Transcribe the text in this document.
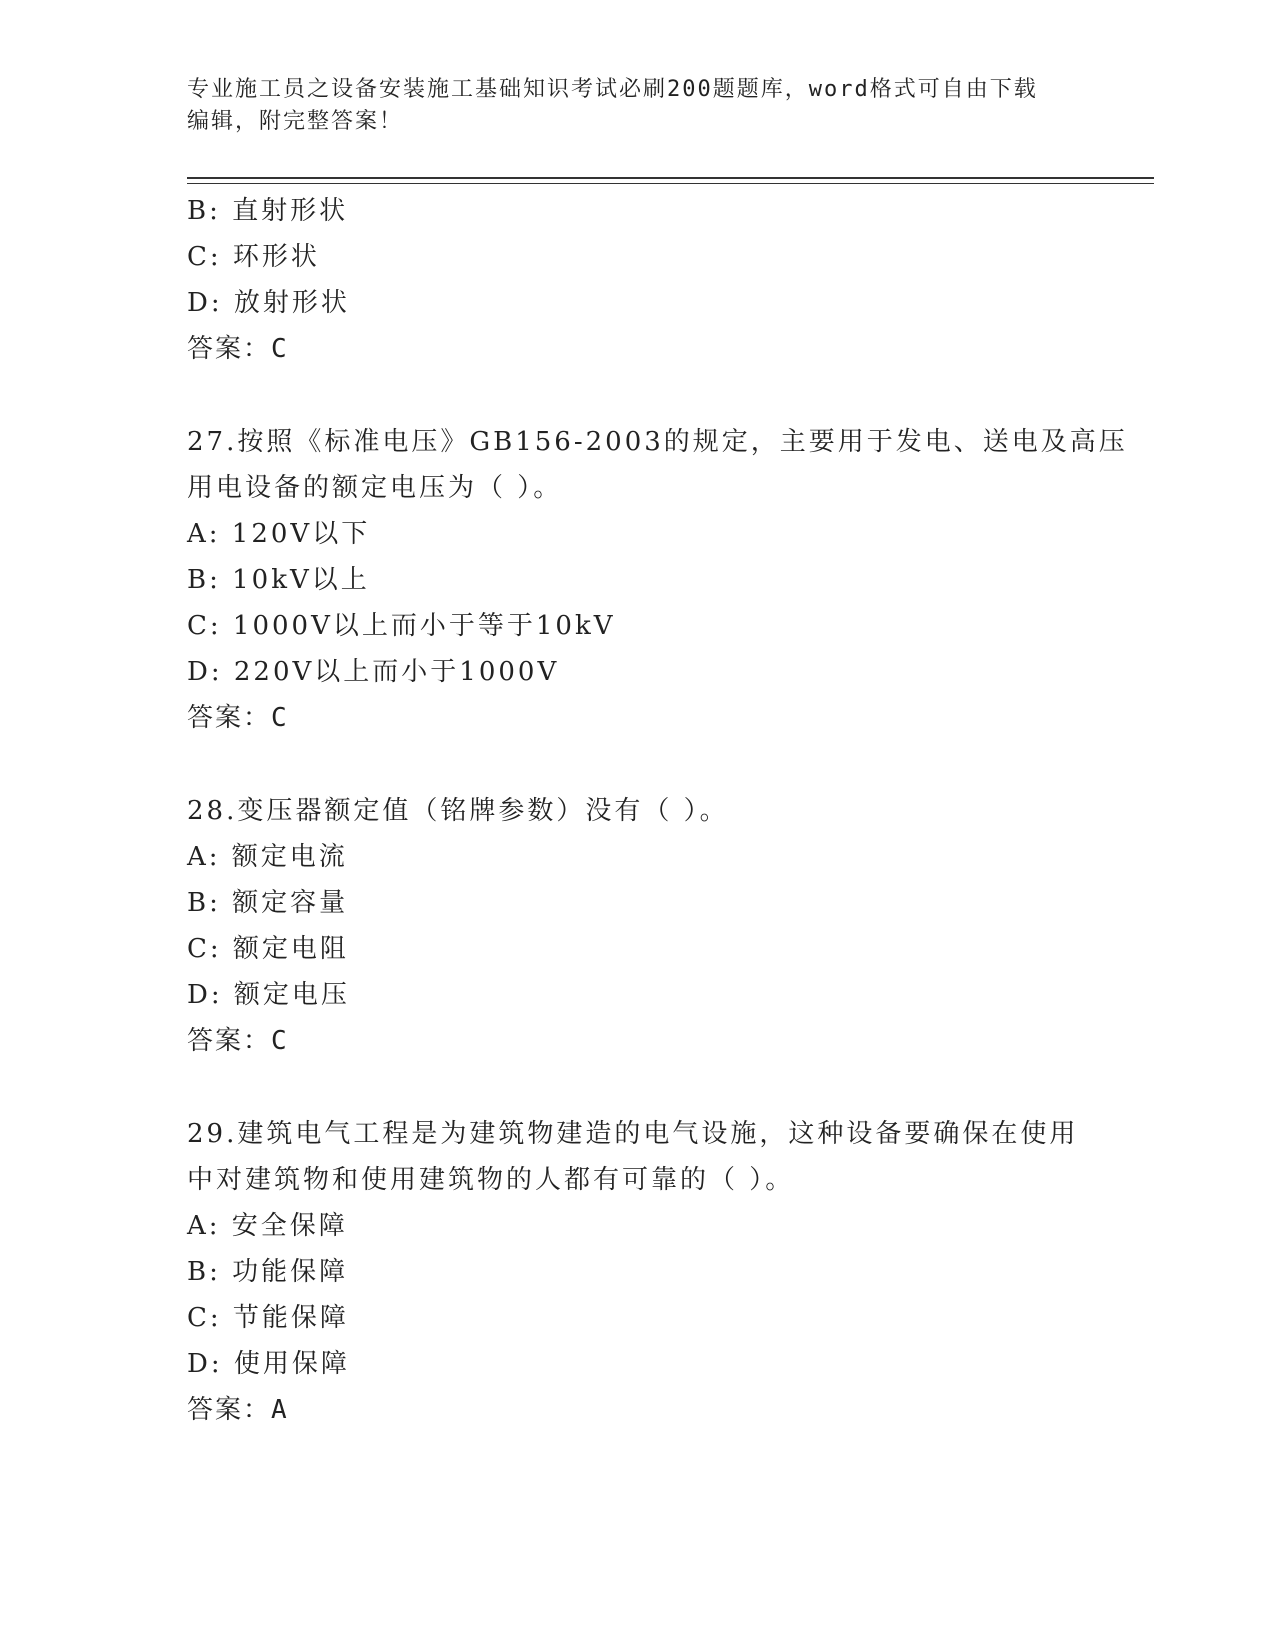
专业施工员之设备安装施工基础知识考试必刷200题题库，word格式可自由下载
编辑，附完整答案！
B: 直射形状
C: 环形状
D: 放射形状
答案：C
27.按照《标准电压》GB156-2003的规定，主要用于发电、送电及高压
用电设备的额定电压为（ ）。
A: 120V以下
B: 10kV以上
C: 1000V以上而小于等于10kV
D: 220V以上而小于1000V
答案：C
28.变压器额定值（铭牌参数）没有（ ）。
A: 额定电流
B: 额定容量
C: 额定电阻
D: 额定电压
答案：C
29.建筑电气工程是为建筑物建造的电气设施，这种设备要确保在使用
中对建筑物和使用建筑物的人都有可靠的（ ）。
A: 安全保障
B: 功能保障
C: 节能保障
D: 使用保障
答案：A
